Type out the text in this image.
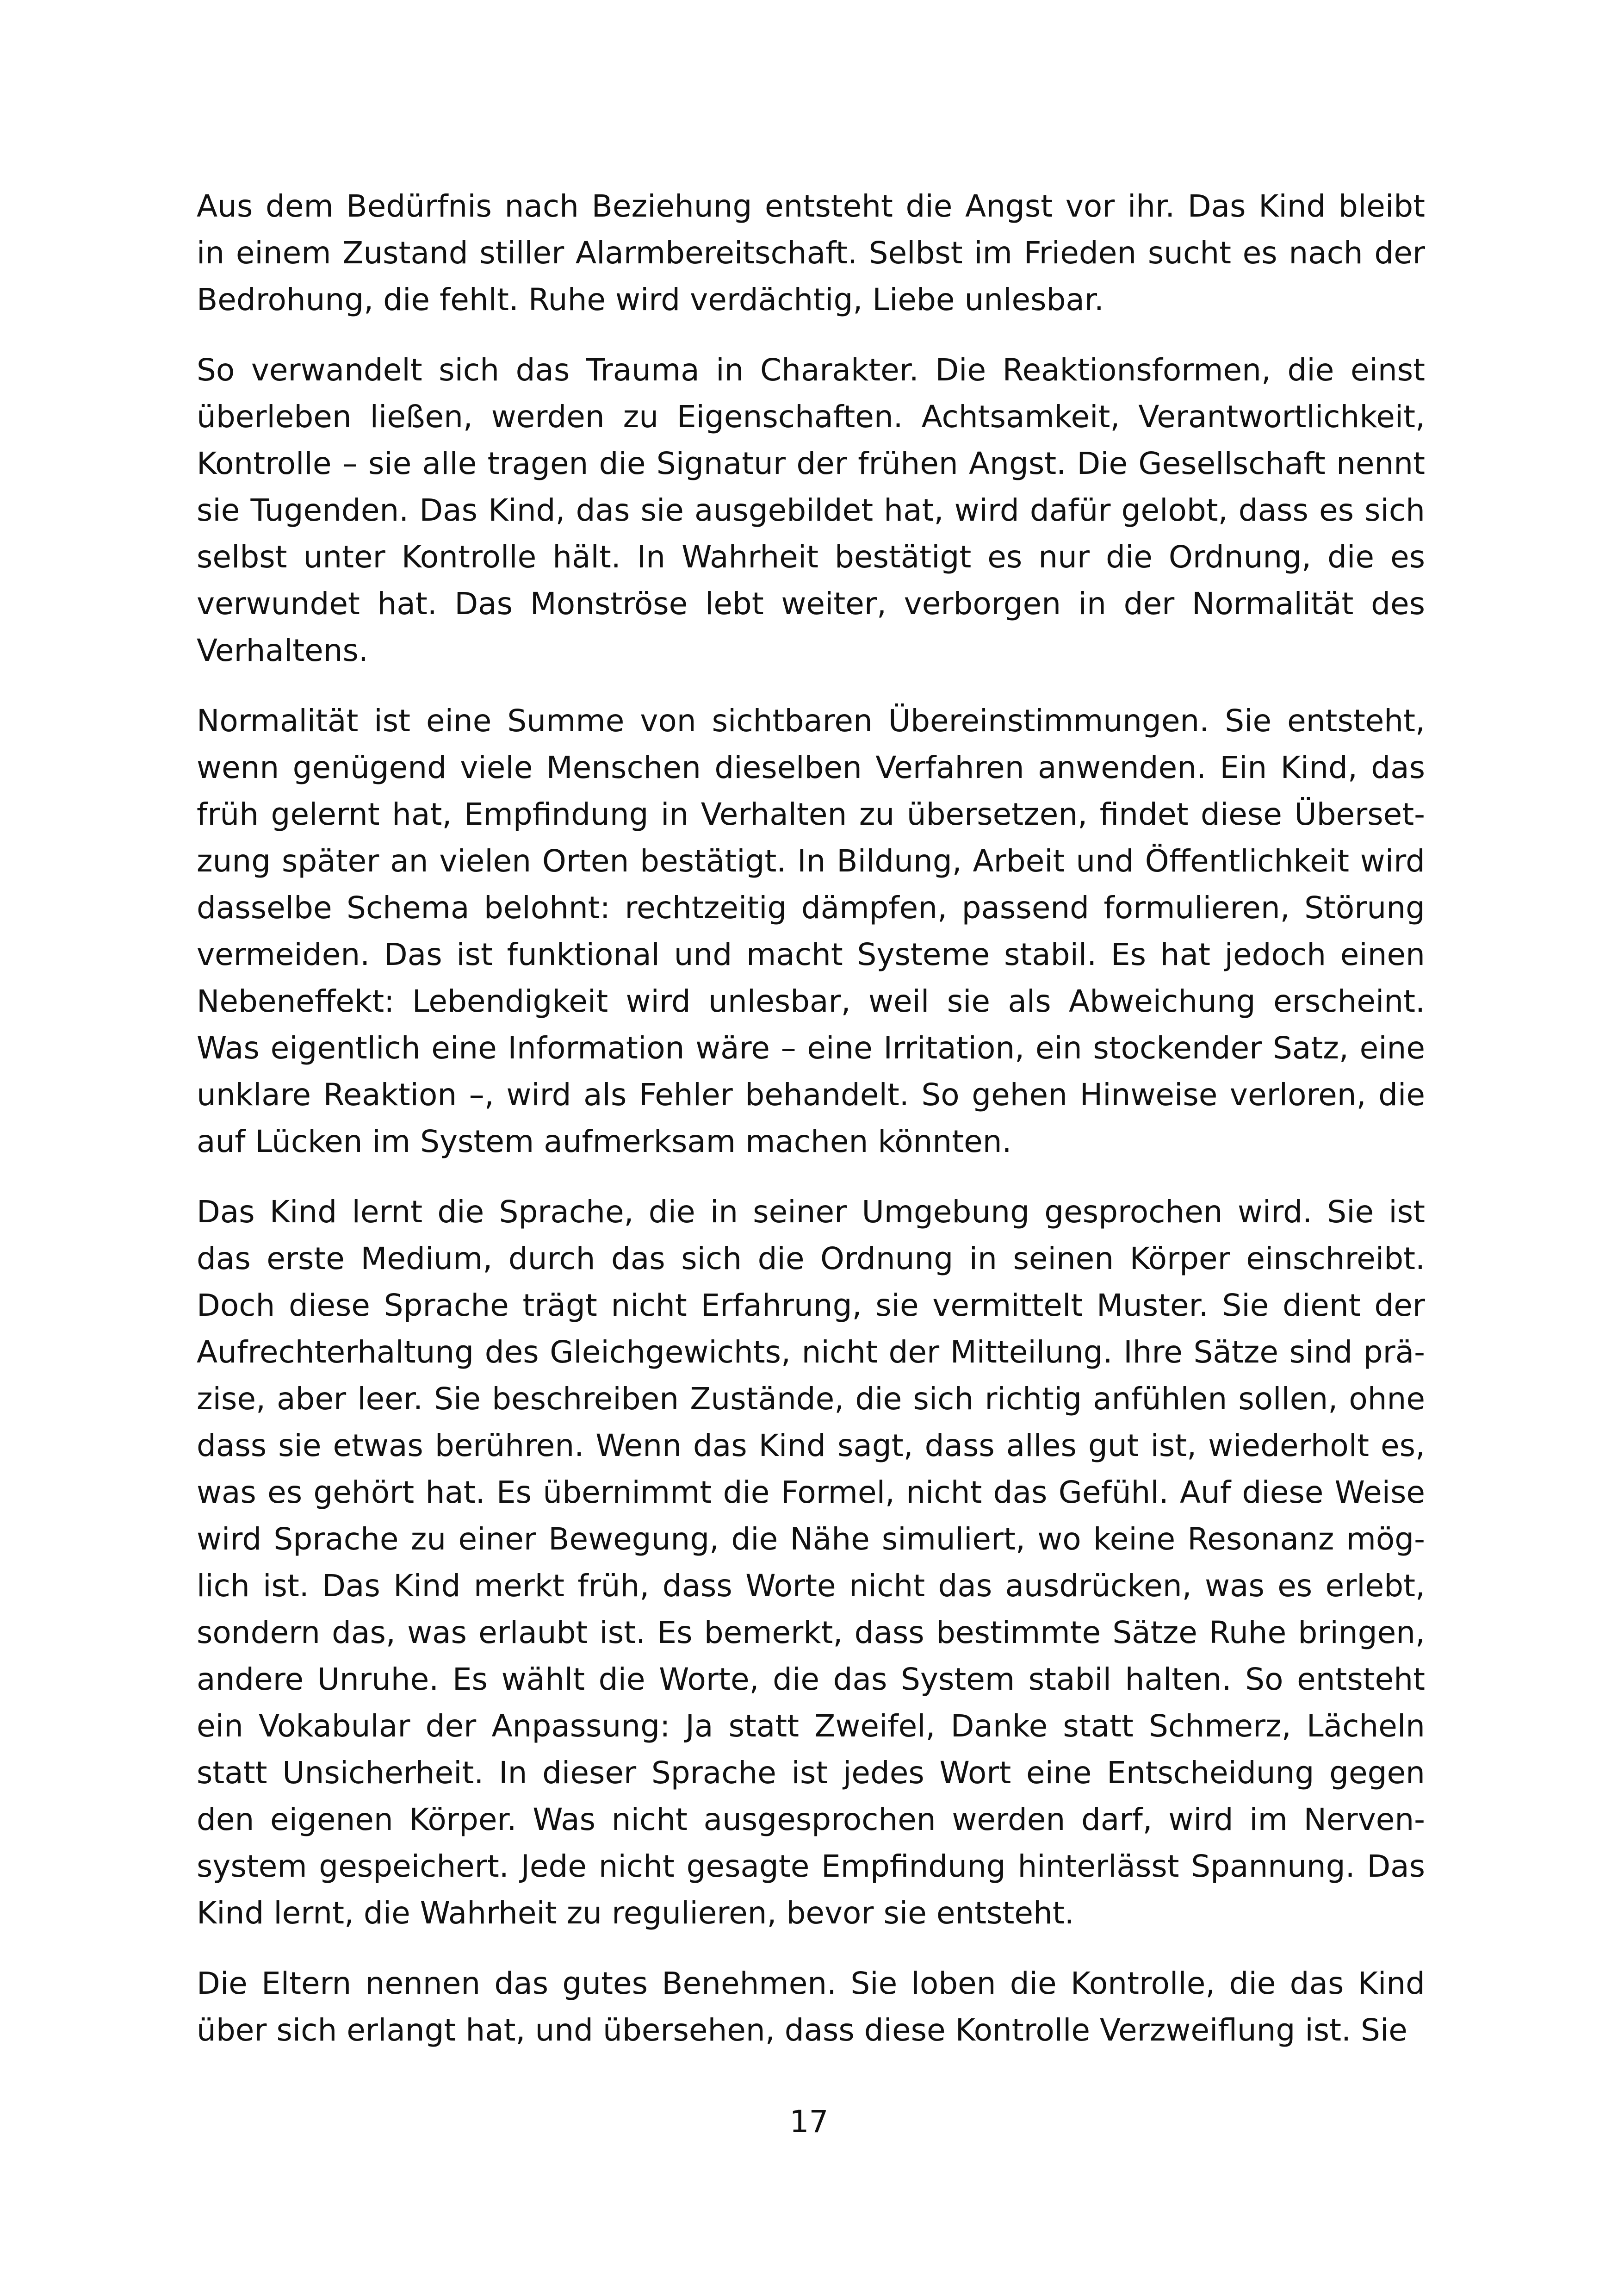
Aus dem Bedürfnis nach Beziehung entsteht die Angst vor ihr. Das Kind bleibt in einem Zustand stiller Alarmbereitschaft. Selbst im Frieden sucht es nach der Bedrohung, die fehlt. Ruhe wird verdächtig, Liebe unlesbar.

So verwandelt sich das Trauma in Charakter. Die Reaktionsformen, die einst überleben ließen, werden zu Eigenschaften. Achtsamkeit, Verantwortlichkeit, Kontrolle – sie alle tragen die Signatur der frühen Angst. Die Gesellschaft nennt sie Tugenden. Das Kind, das sie ausgebildet hat, wird dafür gelobt, dass es sich selbst unter Kontrolle hält. In Wahrheit bestätigt es nur die Ordnung, die es verwundet hat. Das Monströse lebt weiter, verborgen in der Normalität des Verhaltens.

Normalität ist eine Summe von sichtbaren Übereinstimmungen. Sie entsteht, wenn genügend viele Menschen dieselben Verfahren anwenden. Ein Kind, das früh gelernt hat, Empfindung in Verhalten zu übersetzen, findet diese Übersetzung später an vielen Orten bestätigt. In Bildung, Arbeit und Öffentlichkeit wird dasselbe Schema belohnt: rechtzeitig dämpfen, passend formulieren, Störung vermeiden. Das ist funktional und macht Systeme stabil. Es hat jedoch einen Nebeneffekt: Lebendigkeit wird unlesbar, weil sie als Abweichung erscheint. Was eigentlich eine Information wäre – eine Irritation, ein stockender Satz, eine unklare Reaktion –, wird als Fehler behandelt. So gehen Hinweise verloren, die auf Lücken im System aufmerksam machen könnten.

Das Kind lernt die Sprache, die in seiner Umgebung gesprochen wird. Sie ist das erste Medium, durch das sich die Ordnung in seinen Körper einschreibt. Doch diese Sprache trägt nicht Erfahrung, sie vermittelt Muster. Sie dient der Aufrechterhaltung des Gleichgewichts, nicht der Mitteilung. Ihre Sätze sind präzise, aber leer. Sie beschreiben Zustände, die sich richtig anfühlen sollen, ohne dass sie etwas berühren. Wenn das Kind sagt, dass alles gut ist, wiederholt es, was es gehört hat. Es übernimmt die Formel, nicht das Gefühl. Auf diese Weise wird Sprache zu einer Bewegung, die Nähe simuliert, wo keine Resonanz möglich ist. Das Kind merkt früh, dass Worte nicht das ausdrücken, was es erlebt, sondern das, was erlaubt ist. Es bemerkt, dass bestimmte Sätze Ruhe bringen, andere Unruhe. Es wählt die Worte, die das System stabil halten. So entsteht ein Vokabular der Anpassung: Ja statt Zweifel, Danke statt Schmerz, Lächeln statt Unsicherheit. In dieser Sprache ist jedes Wort eine Entscheidung gegen den eigenen Körper. Was nicht ausgesprochen werden darf, wird im Nervensystem gespeichert. Jede nicht gesagte Empfindung hinterlässt Spannung. Das Kind lernt, die Wahrheit zu regulieren, bevor sie entsteht.

Die Eltern nennen das gutes Benehmen. Sie loben die Kontrolle, die das Kind über sich erlangt hat, und übersehen, dass diese Kontrolle Verzweiflung ist. Sie

17
